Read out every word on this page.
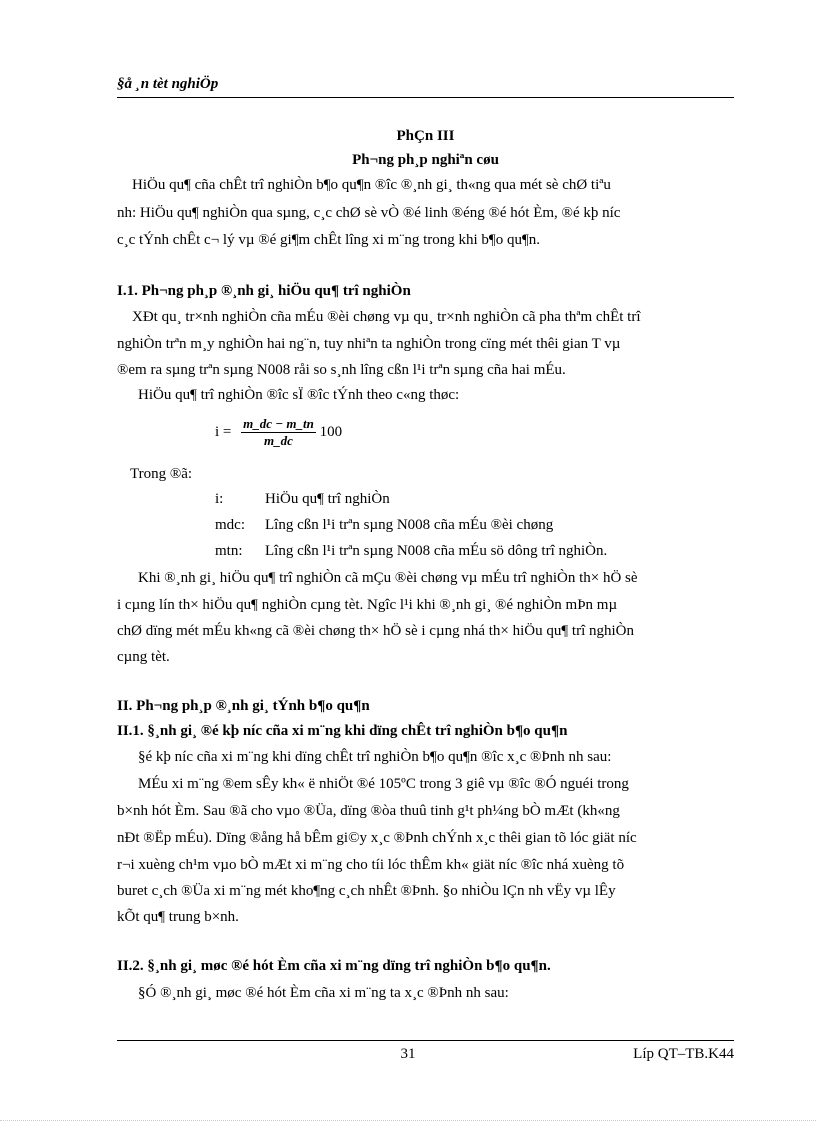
§å ¸n tèt nghiÖp
PhÇn III
Ph¬ng ph¸p nghiªn cøu
HiÖu qu¶ cña chÊt trî nghiÒn b¶o qu¶n ®îc ®¸nh gi¸ th«ng qua mét sè chØ tiªu
nh: HiÖu qu¶ nghiÒn qua sµng, c¸c chØ sè vÒ ®é linh ®éng ®é hót Èm, ®é kþ níc
c¸c tÝnh chÊt c¬ lý vµ ®é gi¶m chÊt lîng xi m¨ng trong khi b¶o qu¶n.
I.1. Ph¬ng ph¸p ®¸nh gi¸ hiÖu qu¶ trî nghiÒn
XÐt qu¸ tr×nh nghiÒn cña mÉu ®èi chøng vµ qu¸ tr×nh nghiÒn cã pha thªm chÊt trî
nghiÒn trªn m¸y nghiÒn hai ng¨n, tuy nhiªn ta nghiÒn trong cïng mét thêi gian T vµ
®em ra sµng trªn sµng N008 råi so s¸nh lîng cßn l¹i trªn sµng cña hai mÉu.
HiÖu qu¶ trî nghiÒn ®îc sÏ ®îc tÝnh theo c«ng thøc:
$i = \frac{m\_dc - m\_tn}{m\_dc} 100$
Trong ®ã:
i:	HiÖu qu¶ trî nghiÒn
mdc: Lîng cßn l¹i trªn sµng N008 cña mÉu ®èi chøng
mtn: Lîng cßn l¹i trªn sµng N008 cña mÉu sö dông trî nghiÒn.
Khi ®¸nh gi¸ hiÖu qu¶ trî nghiÒn cã mÇu ®èi chøng vµ mÉu trî nghiÒn th× hÖ sè
i cµng lín th× hiÖu qu¶ nghiÒn cµng tèt. Ngîc l¹i khi ®¸nh gi¸ ®é nghiÒn mÞn mµ
chØ dïng mét mÉu kh«ng cã ®èi chøng th× hÖ sè i cµng nhá th× hiÖu qu¶ trî nghiÒn
cµng tèt.
II. Ph¬ng ph¸p ®¸nh gi¸ tÝnh b¶o qu¶n
II.1. §¸nh gi¸ ®é kþ níc cña xi m¨ng khi dïng chÊt trî nghiÒn b¶o qu¶n
§é kþ níc cña xi m¨ng khi dïng chÊt trî nghiÒn b¶o qu¶n ®îc x¸c ®Þnh nh sau:
MÉu xi m¨ng ®em sÊy kh« ë nhiÖt ®é 105ºC trong 3 giê vµ ®îc ®Ó nguéi trong
b×nh hót Èm. Sau ®ã cho vµo ®Üa, dïng ®òa thuû tinh g¹t ph¼ng bÒ mÆt (kh«ng
nÐt ®Ëp mÉu). Dïng ®ång hå bÊm gi©y x¸c ®Þnh chÝnh x¸c thêi gian tõ lóc giät níc
r¬i xuèng ch¹m vµo bÒ mÆt xi m¨ng cho tíi lóc thÊm kh« giät níc ®îc nhá xuèng tõ
buret c¸ch ®Üa xi m¨ng mét kho¶ng c¸ch nhÊt ®Þnh. §o nhiÒu lÇn nh vËy vµ lÊy
kÕt qu¶ trung b×nh.
II.2. §¸nh gi¸ møc ®é hót Èm cña xi m¨ng dïng trî nghiÒn b¶o qu¶n.
§Ó ®¸nh gi¸ møc ®é hót Èm cña xi m¨ng ta x¸c ®Þnh nh sau:
31	Líp QT–TB.K44
